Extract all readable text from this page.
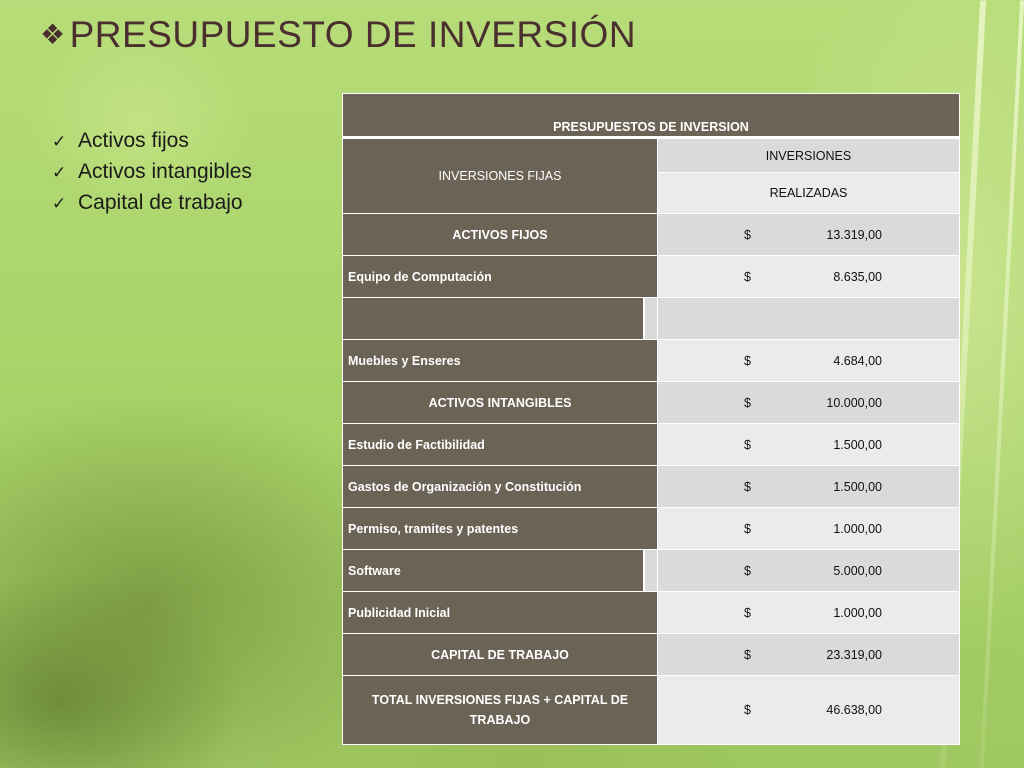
❖ PRESUPUESTO DE INVERSIÓN
✓ Activos fijos
✓ Activos intangibles
✓ Capital de trabajo
PRESUPUESTOS DE INVERSION	
INVERSIONES FIJAS	INVERSIONES
	REALIZADAS
ACTIVOS FIJOS	$ 13.319,00
Equipo de Computación	$ 8.635,00

Muebles y Enseres	$ 4.684,00
ACTIVOS INTANGIBLES	$ 10.000,00
Estudio de Factibilidad	$ 1.500,00
Gastos de Organización y Constitución	$ 1.500,00
Permiso, tramites y patentes	$ 1.000,00
Software	$ 5.000,00
Publicidad Inicial	$ 1.000,00
CAPITAL DE TRABAJO	$ 23.319,00
TOTAL INVERSIONES FIJAS + CAPITAL DE TRABAJO	$ 46.638,00
